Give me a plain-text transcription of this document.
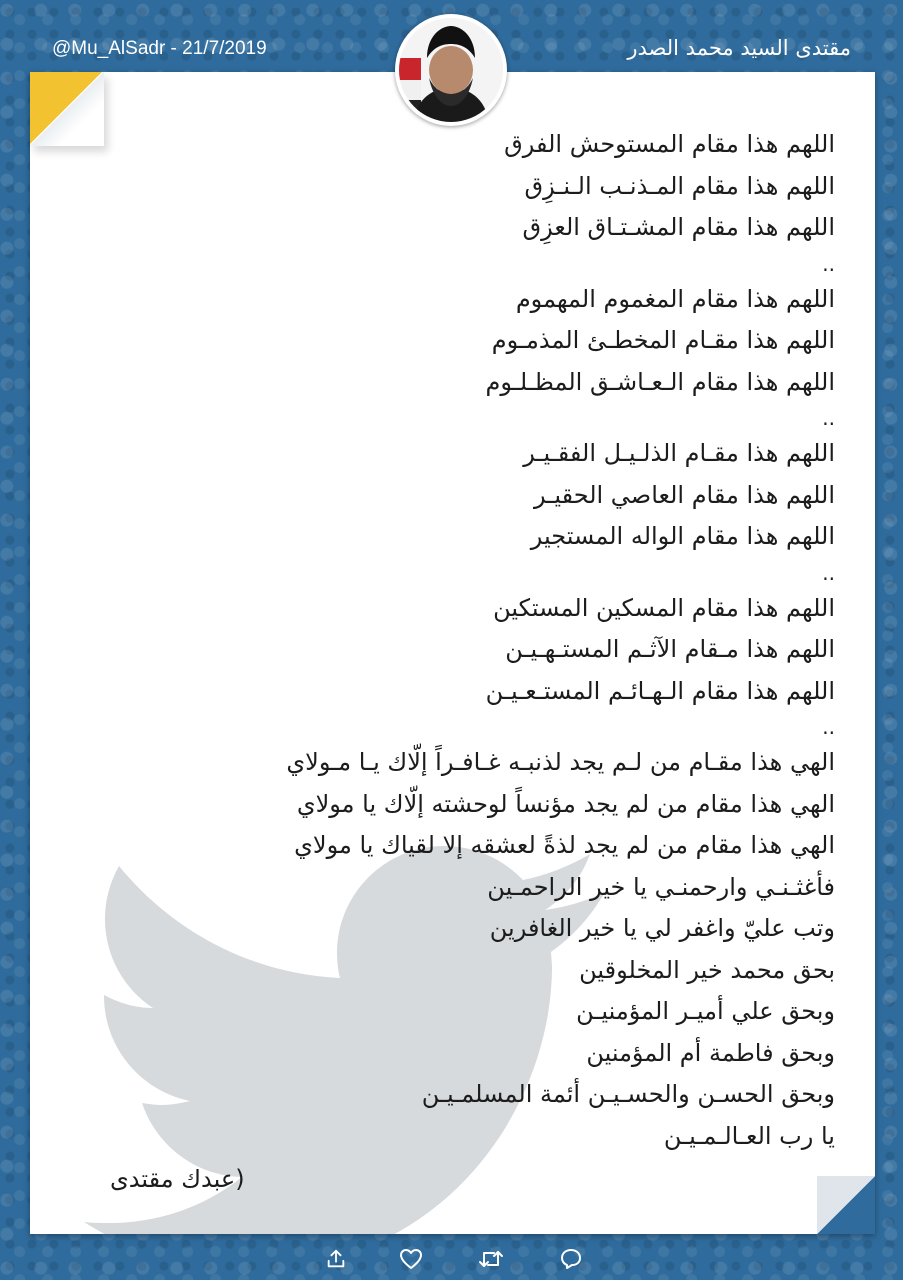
@Mu_AlSadr - 21/7/2019	مقتدى السيد محمد الصدر
اللهم هذا مقام المستوحش الفرق
اللهم هذا مقام المـذنـب الـنـزِق
اللهم هذا مقام المشـتـاق العزِق
..
اللهم هذا مقام المغموم المهموم
اللهم هذا مقـام المخطـئ المذمـوم
اللهم هذا مقام الـعـاشـق المظـلـوم
..
اللهم هذا مقـام الذلـيـل الفقـيـر
اللهم هذا مقام العاصي الحقيـر
اللهم هذا مقام الواله المستجير
..
اللهم هذا مقام المسكين المستكين
اللهم هذا مـقام الآثـم المستـهـيـن
اللهم هذا مقام الـهـائـم المستـعـيـن
..
الهي هذا مقـام من لـم يجد لذنبـه غـافـراً إلّاك يـا مـولاي
الهي هذا مقام من لم يجد مؤنساً لوحشته إلّاك يا مولاي
الهي هذا مقام من لم يجد لذةً لعشقه إلا لقياك يا مولاي
فأغثـنـي وارحمنـي يا خير الراحمـين
وتب عليّ واغفر لي يا خير الغافرين
بحق محمد خير المخلوقين
وبحق علي أميـر المؤمنيـن
وبحق فاطمة أم المؤمنين
وبحق الحسـن والحسـيـن أئمة المسلمـيـن
يا رب العـالـمـيـن
(عبدك مقتدى
